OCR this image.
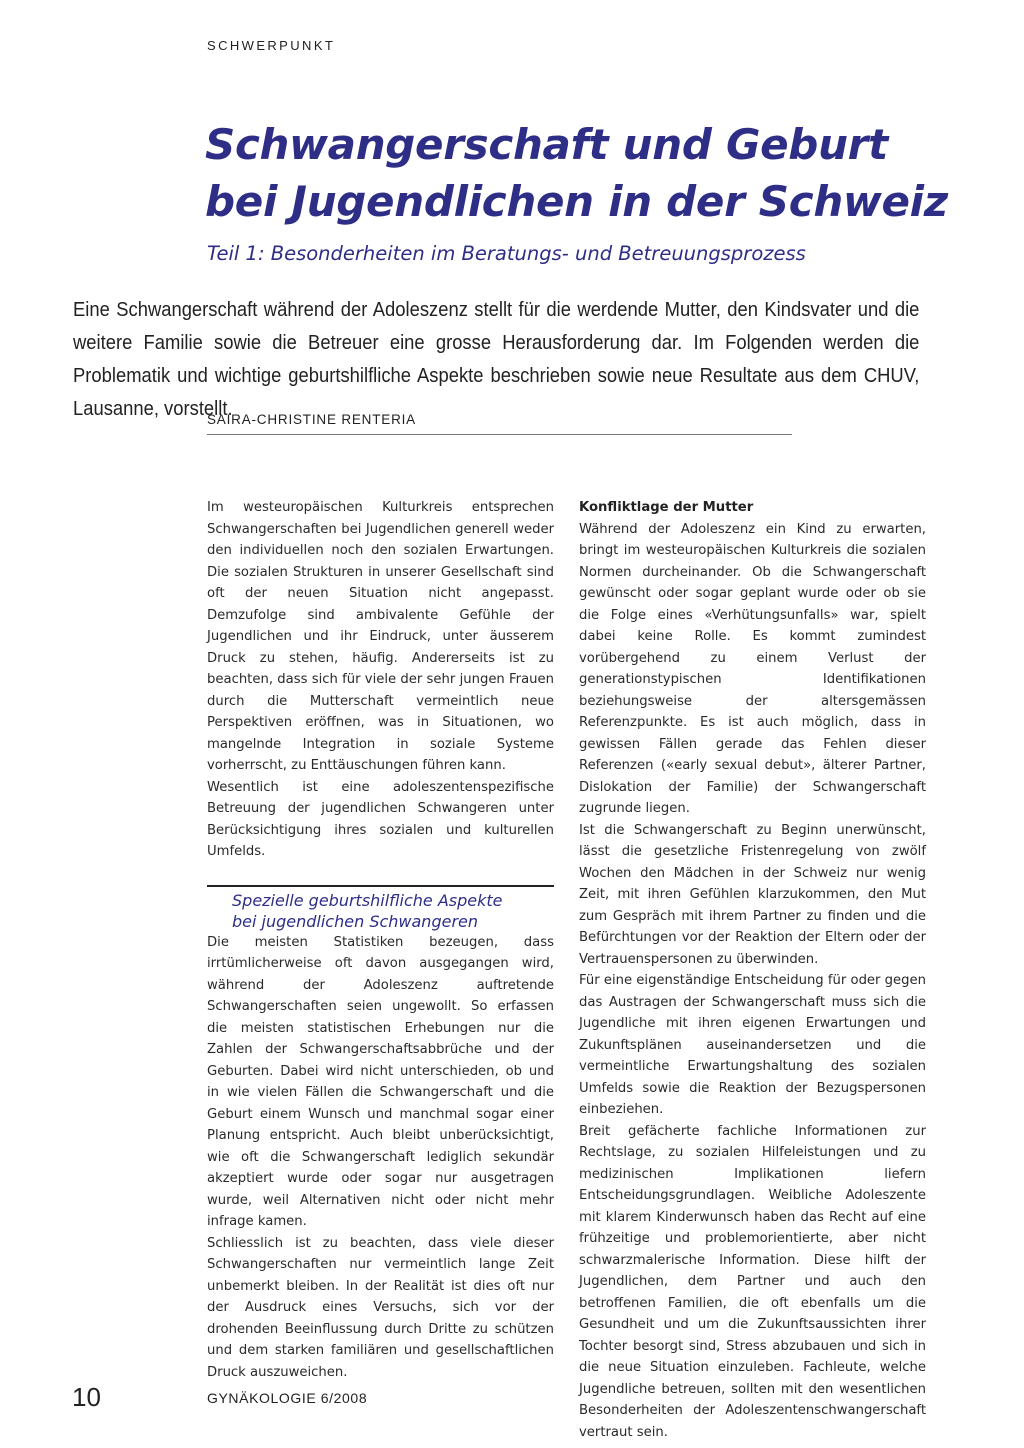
SCHWERPUNKT
Schwangerschaft und Geburt
bei Jugendlichen in der Schweiz
Teil 1: Besonderheiten im Beratungs- und Betreuungsprozess

Eine Schwangerschaft während der Adoleszenz stellt für die werdende Mutter, den Kindsvater und die weitere Familie sowie die Betreuer eine grosse Herausforderung dar. Im Folgenden werden die Problematik und wichtige geburtshilfliche Aspekte beschrieben sowie neue Resultate aus dem CHUV, Lausanne, vorstellt.

SAIRA-CHRISTINE RENTERIA

Im westeuropäischen Kulturkreis entsprechen Schwangerschaften bei Jugendlichen generell weder den individuellen noch den sozialen Erwartungen. Die sozialen Strukturen in unserer Gesellschaft sind oft der neuen Situation nicht angepasst. Demzufolge sind ambivalente Gefühle der Jugendlichen und ihr Eindruck, unter äusserem Druck zu stehen, häufig. Andererseits ist zu beachten, dass sich für viele der sehr jungen Frauen durch die Mutterschaft vermeintlich neue Perspektiven eröffnen, was in Situationen, wo mangelnde Integration in soziale Systeme vorherrscht, zu Enttäuschungen führen kann.

Wesentlich ist eine adoleszentenspezifische Betreuung der jugendlichen Schwangeren unter Berücksichtigung ihres sozialen und kulturellen Umfelds.

Spezielle geburtshilfliche Aspekte
bei jugendlichen Schwangeren

Die meisten Statistiken bezeugen, dass irrtümlicherweise oft davon ausgegangen wird, während der Adoleszenz auftretende Schwangerschaften seien ungewollt. So erfassen die meisten statistischen Erhebungen nur die Zahlen der Schwangerschaftsabbrüche und der Geburten. Dabei wird nicht unterschieden, ob und in wie vielen Fällen die Schwangerschaft und die Geburt einem Wunsch und manchmal sogar einer Planung entspricht. Auch bleibt unberücksichtigt, wie oft die Schwangerschaft lediglich sekundär akzeptiert wurde oder sogar nur ausgetragen wurde, weil Alternativen nicht oder nicht mehr infrage kamen.

Schliesslich ist zu beachten, dass viele dieser Schwangerschaften nur vermeintlich lange Zeit unbemerkt bleiben. In der Realität ist dies oft nur der Ausdruck eines Versuchs, sich vor der drohenden Beeinflussung durch Dritte zu schützen und dem starken familiären und gesellschaftlichen Druck auszuweichen.

Konfliktlage der Mutter

Während der Adoleszenz ein Kind zu erwarten, bringt im westeuropäischen Kulturkreis die sozialen Normen durcheinander. Ob die Schwangerschaft gewünscht oder sogar geplant wurde oder ob sie die Folge eines «Verhütungsunfalls» war, spielt dabei keine Rolle. Es kommt zumindest vorübergehend zu einem Verlust der generationstypischen Identifikationen beziehungsweise der altersgemässen Referenzpunkte. Es ist auch möglich, dass in gewissen Fällen gerade das Fehlen dieser Referenzen («early sexual debut», älterer Partner, Dislokation der Familie) der Schwangerschaft zugrunde liegen.

Ist die Schwangerschaft zu Beginn unerwünscht, lässt die gesetzliche Fristenregelung von zwölf Wochen den Mädchen in der Schweiz nur wenig Zeit, mit ihren Gefühlen klarzukommen, den Mut zum Gespräch mit ihrem Partner zu finden und die Befürchtungen vor der Reaktion der Eltern oder der Vertrauenspersonen zu überwinden.

Für eine eigenständige Entscheidung für oder gegen das Austragen der Schwangerschaft muss sich die Jugendliche mit ihren eigenen Erwartungen und Zukunftsplänen auseinandersetzen und die vermeintliche Erwartungshaltung des sozialen Umfelds sowie die Reaktion der Bezugspersonen einbeziehen.

Breit gefächerte fachliche Informationen zur Rechtslage, zu sozialen Hilfeleistungen und zu medizinischen Implikationen liefern Entscheidungsgrundlagen. Weibliche Adoleszente mit klarem Kinderwunsch haben das Recht auf eine frühzeitige und problemorientierte, aber nicht schwarzmalerische Information. Diese hilft der Jugendlichen, dem Partner und auch den betroffenen Familien, die oft ebenfalls um die Gesundheit und um die Zukunftsaussichten ihrer Tochter besorgt sind, Stress abzubauen und sich in die neue Situation einzuleben. Fachleute, welche Jugendliche betreuen, sollten mit den wesentlichen Besonderheiten der Adoleszentenschwangerschaft vertraut sein.

10	GYNÄKOLOGIE 6/2008
